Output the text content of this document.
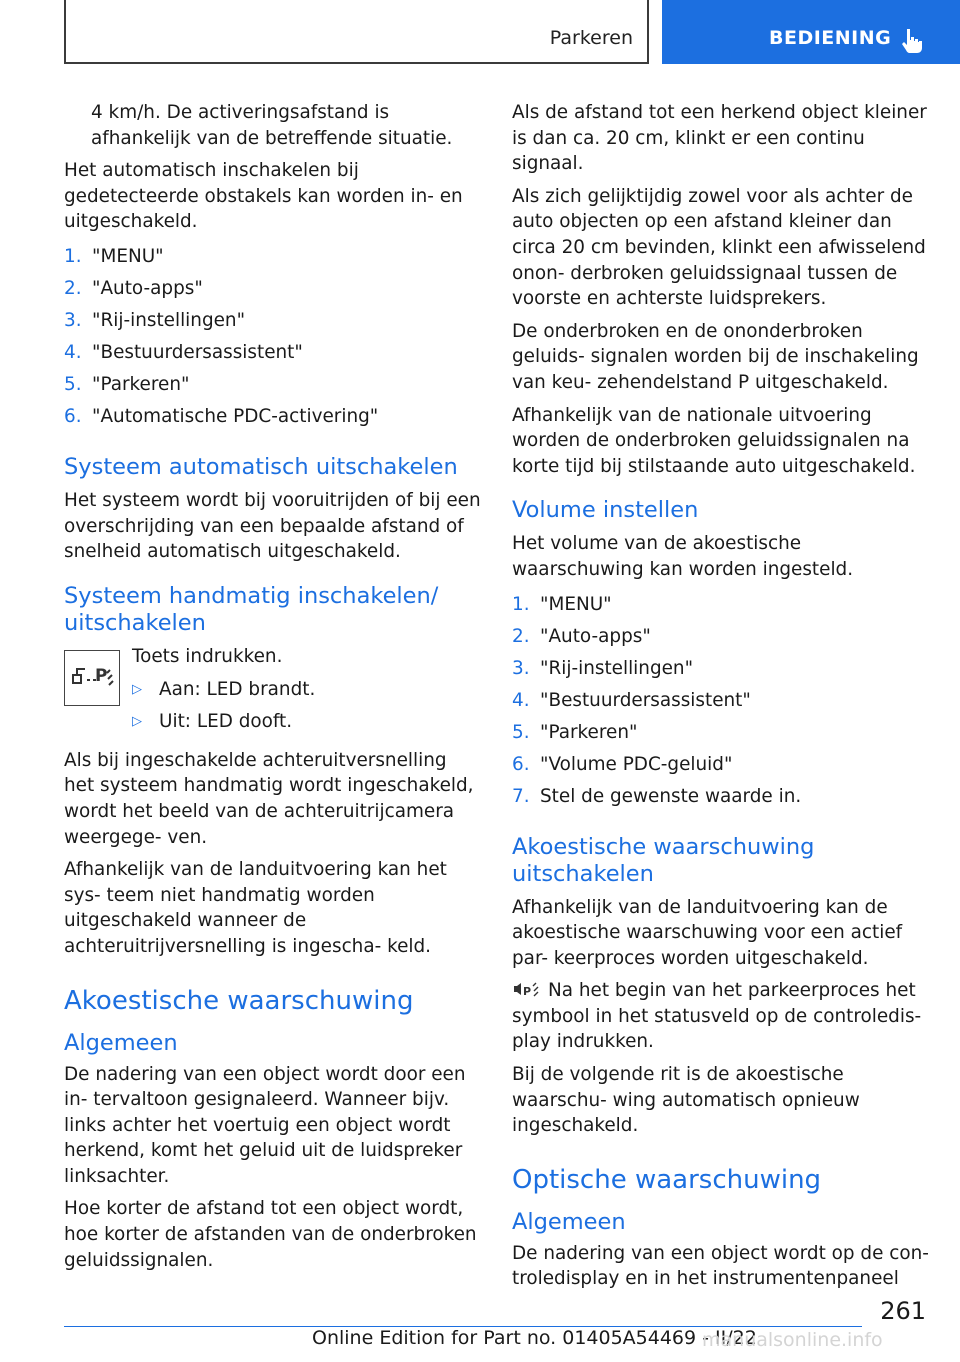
Parkeren	BEDIENING

4 km/h. De activeringsafstand is afhankelijk van de betreffende situatie.

Het automatisch inschakelen bij gedetecteerde obstakels kan worden in- en uitgeschakeld.

1. "MENU"
2. "Auto-apps"
3. "Rij-instellingen"
4. "Bestuurdersassistent"
5. "Parkeren"
6. "Automatische PDC-activering"
Systeem automatisch uitschakelen

Het systeem wordt bij vooruitrijden of bij een overschrijding van een bepaalde afstand of snelheid automatisch uitgeschakeld.

Systeem handmatig inschakelen/ uitschakelen
P
Toets indrukken.
▷ Aan: LED brandt.
▷ Uit: LED dooft.

Als bij ingeschakelde achteruitversnelling het systeem handmatig wordt ingeschakeld, wordt het beeld van de achteruitrijcamera weergege- ven.

Afhankelijk van de landuitvoering kan het sys- teem niet handmatig worden uitgeschakeld wanneer de achteruitrijversnelling is ingescha- keld.

Akoestische waarschuwing
Algemeen

De nadering van een object wordt door een in- tervaltoon gesignaleerd. Wanneer bijv. links achter het voertuig een object wordt herkend, komt het geluid uit de luidspreker linksachter.

Hoe korter de afstand tot een object wordt, hoe korter de afstanden van de onderbroken geluidssignalen.

Als de afstand tot een herkend object kleiner is dan ca. 20 cm, klinkt er een continu signaal.

Als zich gelijktijdig zowel voor als achter de auto objecten op een afstand kleiner dan circa 20 cm bevinden, klinkt een afwisselend onon- derbroken geluidssignaal tussen de voorste en achterste luidsprekers.

De onderbroken en de ononderbroken geluids- signalen worden bij de inschakeling van keu- zehendelstand P uitgeschakeld.

Afhankelijk van de nationale uitvoering worden de onderbroken geluidssignalen na korte tijd bij stilstaande auto uitgeschakeld.

Volume instellen

Het volume van de akoestische waarschuwing kan worden ingesteld.

1. "MENU"
2. "Auto-apps"
3. "Rij-instellingen"
4. "Bestuurdersassistent"
5. "Parkeren"
6. "Volume PDC-geluid"
7. Stel de gewenste waarde in.
Akoestische waarschuwing uitschakelen

Afhankelijk van de landuitvoering kan de akoestische waarschuwing voor een actief par- keerproces worden uitgeschakeld.

P Na het begin van het parkeerproces het symbool in het statusveld op de controledis- play indrukken.

Bij de volgende rit is de akoestische waarschu- wing automatisch opnieuw ingeschakeld.

Optische waarschuwing
Algemeen

De nadering van een object wordt op de con- troledisplay en in het instrumentenpaneel

261
Online Edition for Part no. 01405A54469 - II/22
manualsonline.info
